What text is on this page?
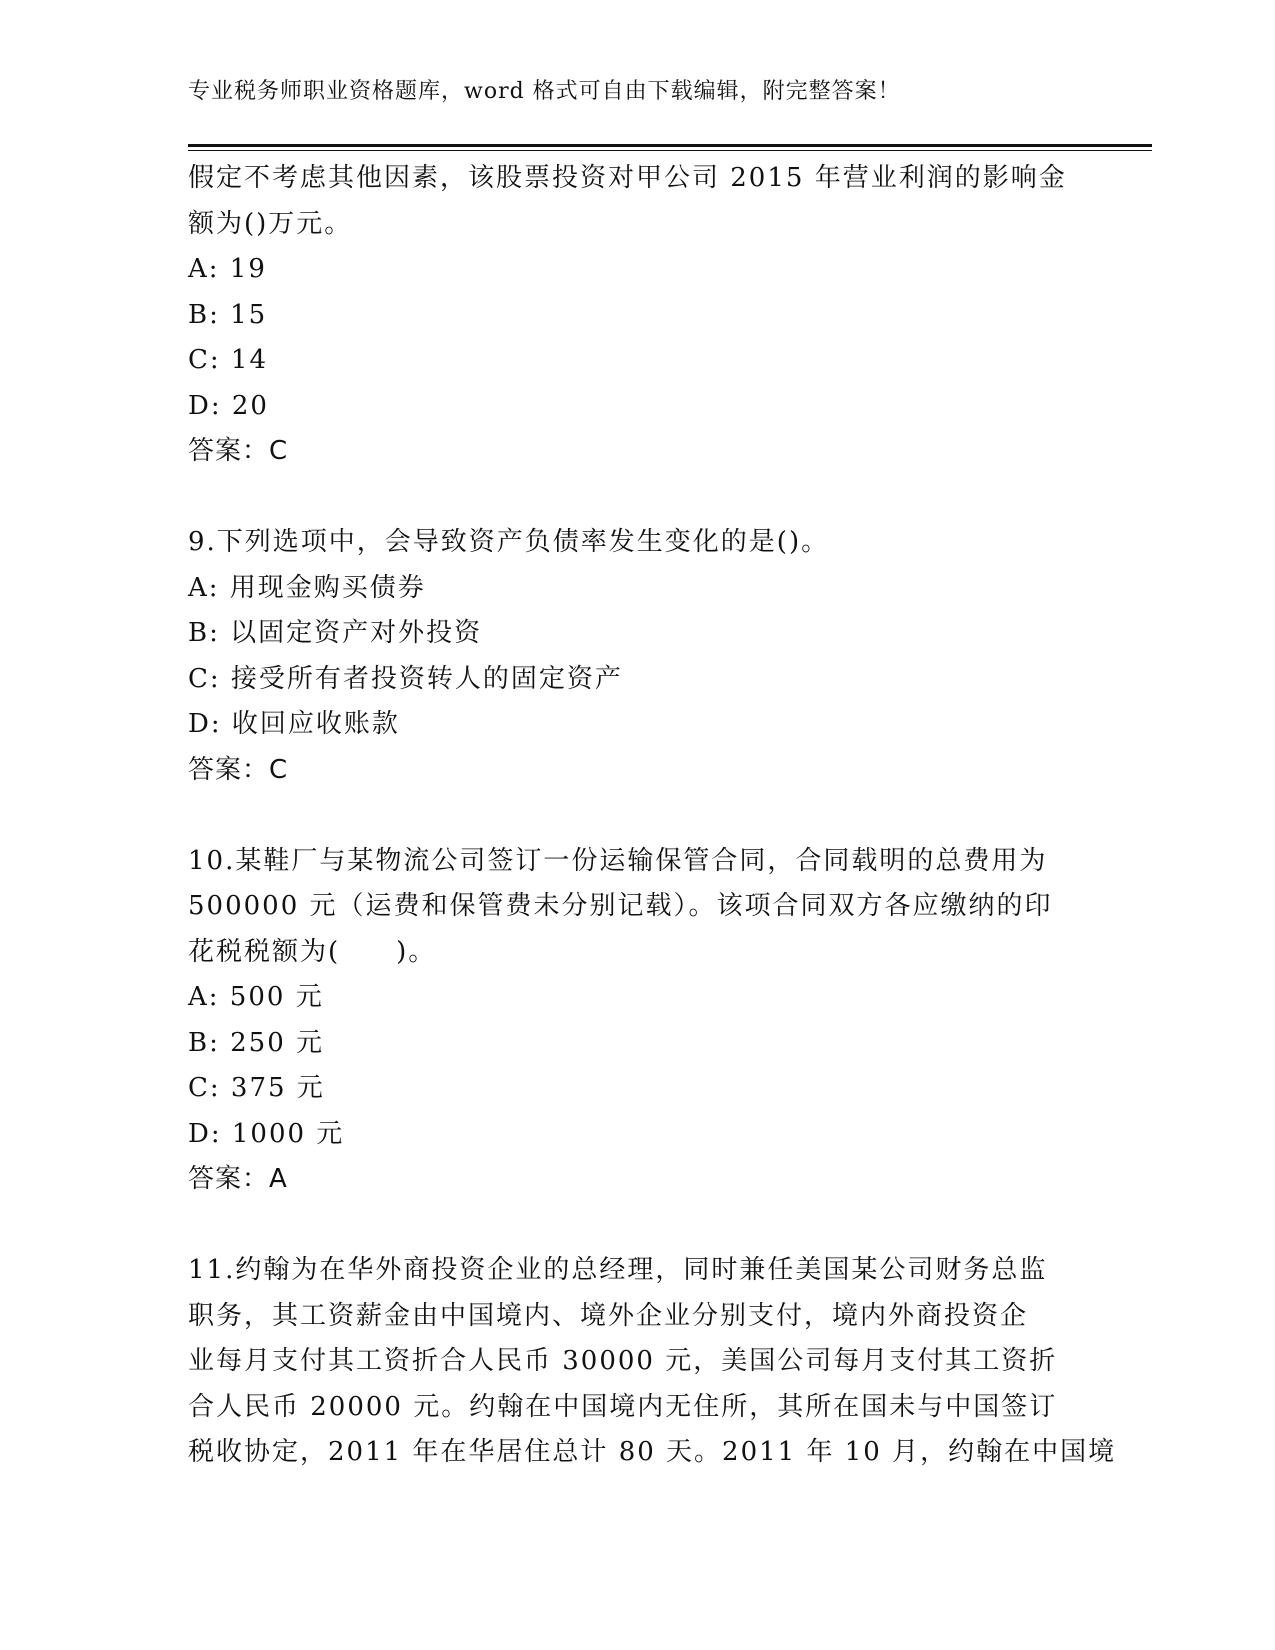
专业税务师职业资格题库，word 格式可自由下载编辑，附完整答案！
假定不考虑其他因素，该股票投资对甲公司 2015 年营业利润的影响金
额为()万元。
A: 19
B: 15
C: 14
D: 20
答案：C
9.下列选项中，会导致资产负债率发生变化的是()。
A: 用现金购买债券
B: 以固定资产对外投资
C: 接受所有者投资转人的固定资产
D: 收回应收账款
答案：C
10.某鞋厂与某物流公司签订一份运输保管合同，合同载明的总费用为
500000 元（运费和保管费未分别记载）。该项合同双方各应缴纳的印
花税税额为(　　)。
A: 500 元
B: 250 元
C: 375 元
D: 1000 元
答案：A
11.约翰为在华外商投资企业的总经理，同时兼任美国某公司财务总监
职务，其工资薪金由中国境内、境外企业分别支付，境内外商投资企
业每月支付其工资折合人民币 30000 元，美国公司每月支付其工资折
合人民币 20000 元。约翰在中国境内无住所，其所在国未与中国签订
税收协定，2011 年在华居住总计 80 天。2011 年 10 月，约翰在中国境
